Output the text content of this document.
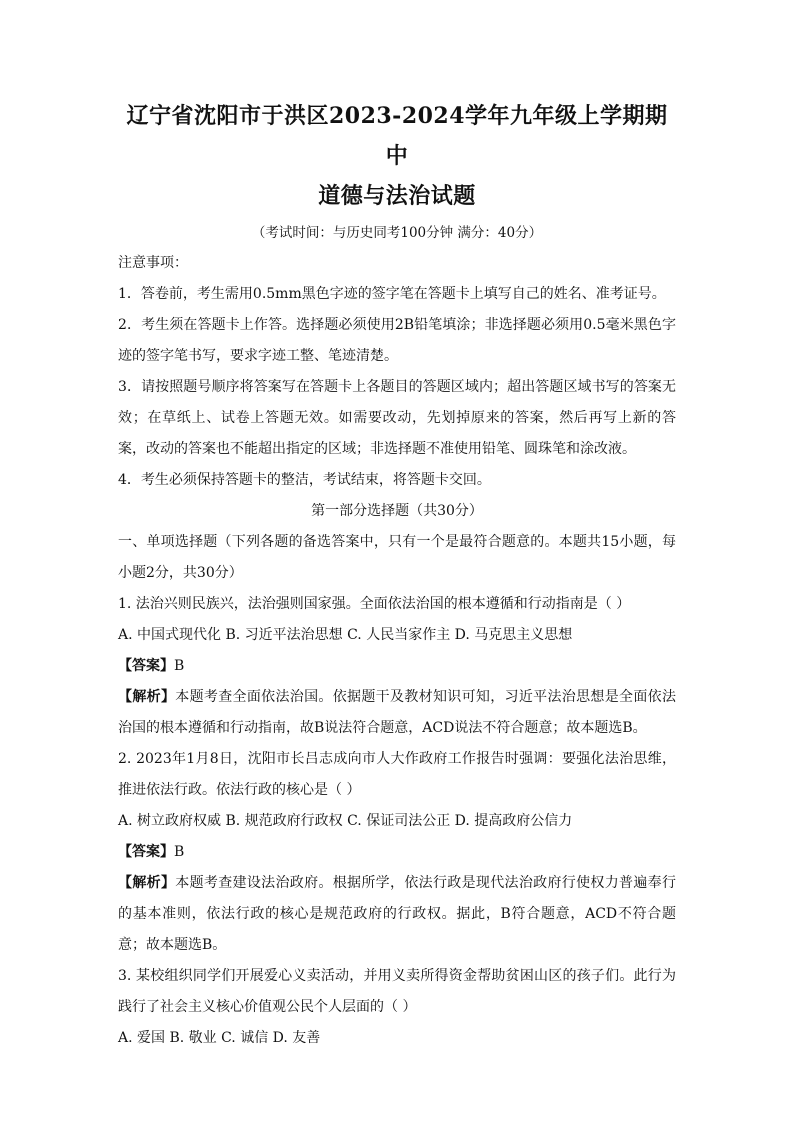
辽宁省沈阳市于洪区2023-2024学年九年级上学期期中
道德与法治试题

（考试时间：与历史同考100分钟 满分：40分）

注意事项：

1．答卷前，考生需用0.5mm黑色字迹的签字笔在答题卡上填写自己的姓名、准考证号。

2．考生须在答题卡上作答。选择题必须使用2B铅笔填涂；非选择题必须用0.5毫米黑色字迹的签字笔书写，要求字迹工整、笔迹清楚。

3．请按照题号顺序将答案写在答题卡上各题目的答题区域内；超出答题区域书写的答案无效；在草纸上、试卷上答题无效。如需要改动，先划掉原来的答案，然后再写上新的答案，改动的答案也不能超出指定的区域；非选择题不准使用铅笔、圆珠笔和涂改液。

4．考生必须保持答题卡的整洁，考试结束，将答题卡交回。

第一部分选择题（共30分）

一、单项选择题（下列各题的备选答案中，只有一个是最符合题意的。本题共15小题，每小题2分，共30分）

1. 法治兴则民族兴，法治强则国家强。全面依法治国的根本遵循和行动指南是（ ）

A. 中国式现代化 B. 习近平法治思想 C. 人民当家作主 D. 马克思主义思想

【答案】B

【解析】本题考查全面依法治国。依据题干及教材知识可知，习近平法治思想是全面依法治国的根本遵循和行动指南，故B说法符合题意，ACD说法不符合题意；故本题选B。

2. 2023年1月8日，沈阳市长吕志成向市人大作政府工作报告时强调：要强化法治思维，推进依法行政。依法行政的核心是（ ）

A. 树立政府权威 B. 规范政府行政权 C. 保证司法公正 D. 提高政府公信力

【答案】B

【解析】本题考查建设法治政府。根据所学，依法行政是现代法治政府行使权力普遍奉行的基本准则，依法行政的核心是规范政府的行政权。据此，B符合题意，ACD不符合题意；故本题选B。

3. 某校组织同学们开展爱心义卖活动，并用义卖所得资金帮助贫困山区的孩子们。此行为践行了社会主义核心价值观公民个人层面的（ ）

A. 爱国 B. 敬业 C. 诚信 D. 友善
